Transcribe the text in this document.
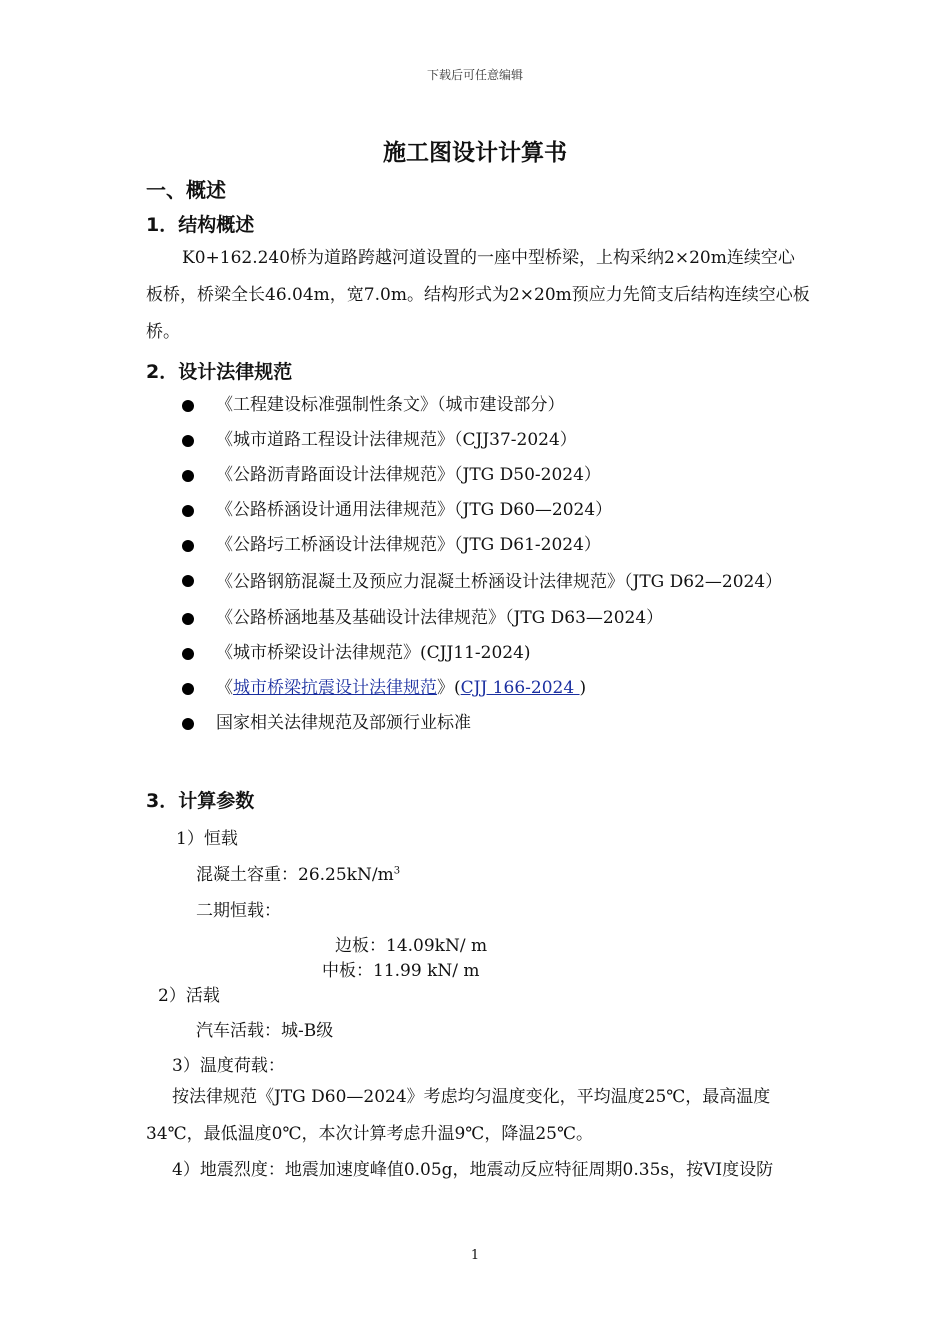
下载后可任意编辑
施工图设计计算书
一、概述
1．结构概述
K0+162.240桥为道路跨越河道设置的一座中型桥梁，上构采纳2×20m连续空心板桥，桥梁全长46.04m，宽7.0m。结构形式为2×20m预应力先简支后结构连续空心板桥。
2．设计法律规范
《工程建设标准强制性条文》（城市建设部分）
《城市道路工程设计法律规范》（CJJ37-2024）
《公路沥青路面设计法律规范》（JTG D50-2024）
《公路桥涵设计通用法律规范》（JTG D60—2024）
《公路圬工桥涵设计法律规范》（JTG D61-2024）
《公路钢筋混凝土及预应力混凝土桥涵设计法律规范》（JTG D62—2024）
《公路桥涵地基及基础设计法律规范》（JTG D63—2024）
《城市桥梁设计法律规范》(CJJ11-2024)
《城市桥梁抗震设计法律规范》(CJJ 166-2024 )
国家相关法律规范及部颁行业标准
3．计算参数
1）恒载
混凝土容重：$26.25kN/m^3$
二期恒载：
边板：14.09kN/ m
中板：11.99 kN/ m
2）活载
汽车活载：城-B级
3）温度荷载：
按法律规范《JTG D60—2024》考虑均匀温度变化，平均温度25℃，最高温度34℃，最低温度0℃，本次计算考虑升温9℃，降温25℃。
4）地震烈度：地震加速度峰值0.05g，地震动反应特征周期0.35s，按VI度设防
1
